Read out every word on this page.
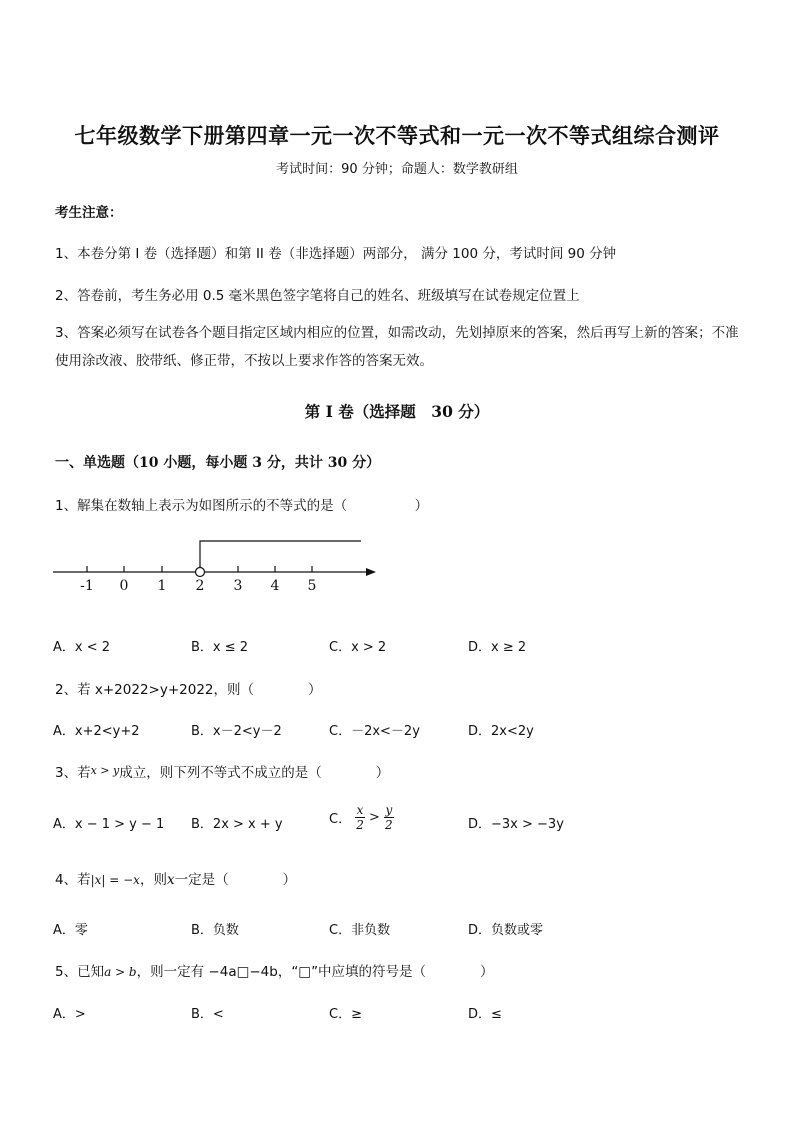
七年级数学下册第四章一元一次不等式和一元一次不等式组综合测评
考试时间：90 分钟；命题人：数学教研组
考生注意：
1、本卷分第 I 卷（选择题）和第 II 卷（非选择题）两部分， 满分 100 分，考试时间 90 分钟
2、答卷前，考生务必用 0.5 毫米黑色签字笔将自己的姓名、班级填写在试卷规定位置上
3、答案必须写在试卷各个题目指定区域内相应的位置，如需改动，先划掉原来的答案，然后再写上新的答案；不准使用涂改液、胶带纸、修正带，不按以上要求作答的答案无效。
第 I 卷（选择题　30 分）
一、单选题（10 小题，每小题 3 分，共计 30 分）
1、解集在数轴上表示为如图所示的不等式的是（　　　　　）
-1 0 1 2 3 4 5
A．x < 2	B．x ≤ 2	C．x > 2	D．x ≥ 2
2、若 x+2022>y+2022，则（　　　　）
A．x+2<y+2	B．x－2<y－2	C．－2x<－2y	D．2x<2y
3、若$^{x > y}$成立，则下列不等式不成立的是（　　　　）
A．x − 1 > y − 1 B．2x > x + y	C． $\frac{x}{2} > \frac{y}{2}$	D．−3x > −3y
4、若|x| = −x，则x一定是（　　　　）
A．零	B．负数	C．非负数	D．负数或零
5、已知a > b，则一定有 −4a□−4b，“□”中应填的符号是（　　　　）
A．>	B．<	C．≥	D．≤
